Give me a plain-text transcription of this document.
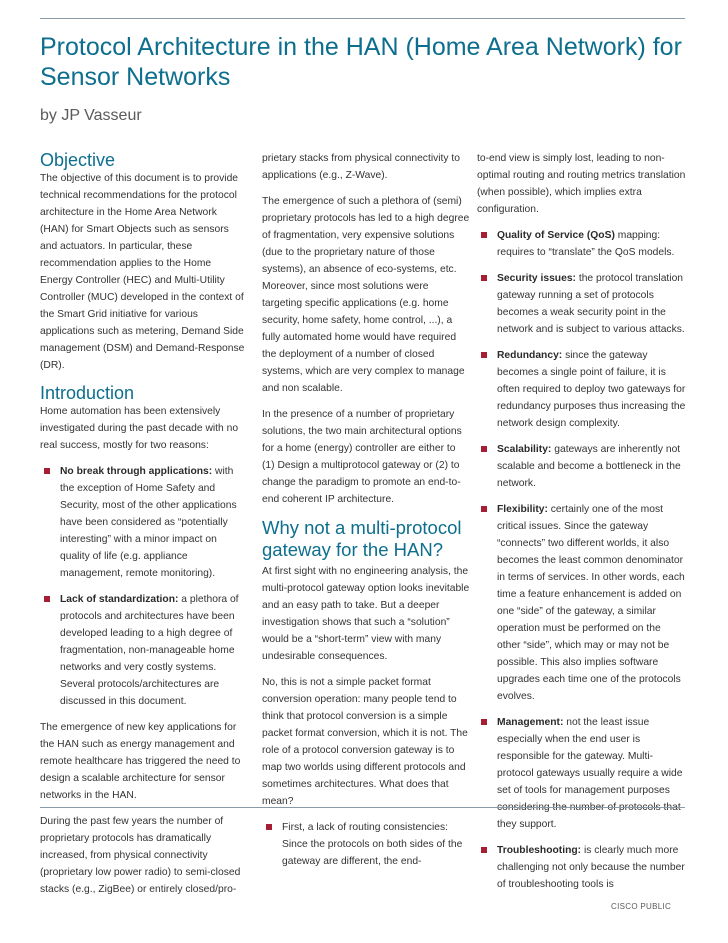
Protocol Architecture in the HAN (Home Area Network) for Sensor Networks

by JP Vasseur

Objective

The objective of this document is to provide technical recommendations for the protocol architecture in the Home Area Network (HAN) for Smart Objects such as sensors and actuators. In particular, these recommendation applies to the Home Energy Controller (HEC) and Multi-Utility Controller (MUC) developed in the context of the Smart Grid initiative for various applications such as metering, Demand Side management (DSM) and Demand-Response (DR).

Introduction

Home automation has been extensively investigated during the past decade with no real success, mostly for two reasons:

No break through applications: with the exception of Home Safety and Security, most of the other applications have been considered as “potentially interesting” with a minor impact on quality of life (e.g. appliance management, remote monitoring).
Lack of standardization: a plethora of protocols and architectures have been developed leading to a high degree of fragmentation, non-manageable home networks and very costly systems. Several protocols/architectures are discussed in this document.

The emergence of new key applications for the HAN such as energy management and remote healthcare has triggered the need to design a scalable architecture for sensor networks in the HAN.

During the past few years the number of proprietary protocols has dramatically increased, from physical connectivity (proprietary low power radio) to semi-closed stacks (e.g., ZigBee) or entirely closed/pro-

prietary stacks from physical connectivity to applications (e.g., Z-Wave).

The emergence of such a plethora of (semi) proprietary protocols has led to a high degree of fragmentation, very expensive solutions (due to the proprietary nature of those systems), an absence of eco-systems, etc. Moreover, since most solutions were targeting specific applications (e.g. home security, home safety, home control, ...), a fully automated home would have required the deployment of a number of closed systems, which are very complex to manage and non scalable.

In the presence of a number of proprietary solutions, the two main architectural options for a home (energy) controller are either to (1) Design a multiprotocol gateway or (2) to change the paradigm to promote an end-to-end coherent IP architecture.

Why not a multi-protocol gateway for the HAN?

At first sight with no engineering analysis, the multi-protocol gateway option looks inevitable and an easy path to take. But a deeper investigation shows that such a “solution” would be a “short-term” view with many undesirable consequences.

No, this is not a simple packet format conversion operation: many people tend to think that protocol conversion is a simple packet format conversion, which it is not. The role of a protocol conversion gateway is to map two worlds using different protocols and sometimes architectures. What does that mean?

First, a lack of routing consistencies: Since the protocols on both sides of the gateway are different, the end-

to-end view is simply lost, leading to non-optimal routing and routing metrics translation (when possible), which implies extra configuration.

Quality of Service (QoS) mapping: requires to “translate” the QoS models.
Security issues: the protocol translation gateway running a set of protocols becomes a weak security point in the network and is subject to various attacks.
Redundancy: since the gateway becomes a single point of failure, it is often required to deploy two gateways for redundancy purposes thus increasing the network design complexity.
Scalability: gateways are inherently not scalable and become a bottleneck in the network.
Flexibility: certainly one of the most critical issues. Since the gateway “connects” two different worlds, it also becomes the least common denominator in terms of services. In other words, each time a feature enhancement is added on one “side” of the gateway, a similar operation must be performed on the other “side”, which may or may not be possible. This also implies software upgrades each time one of the protocols evolves.
Management: not the least issue especially when the end user is responsible for the gateway. Multi-protocol gateways usually require a wide set of tools for management purposes they support.
Troubleshooting: is clearly much more challenging not only because the number of troubleshooting tools is
CISCO PUBLIC
